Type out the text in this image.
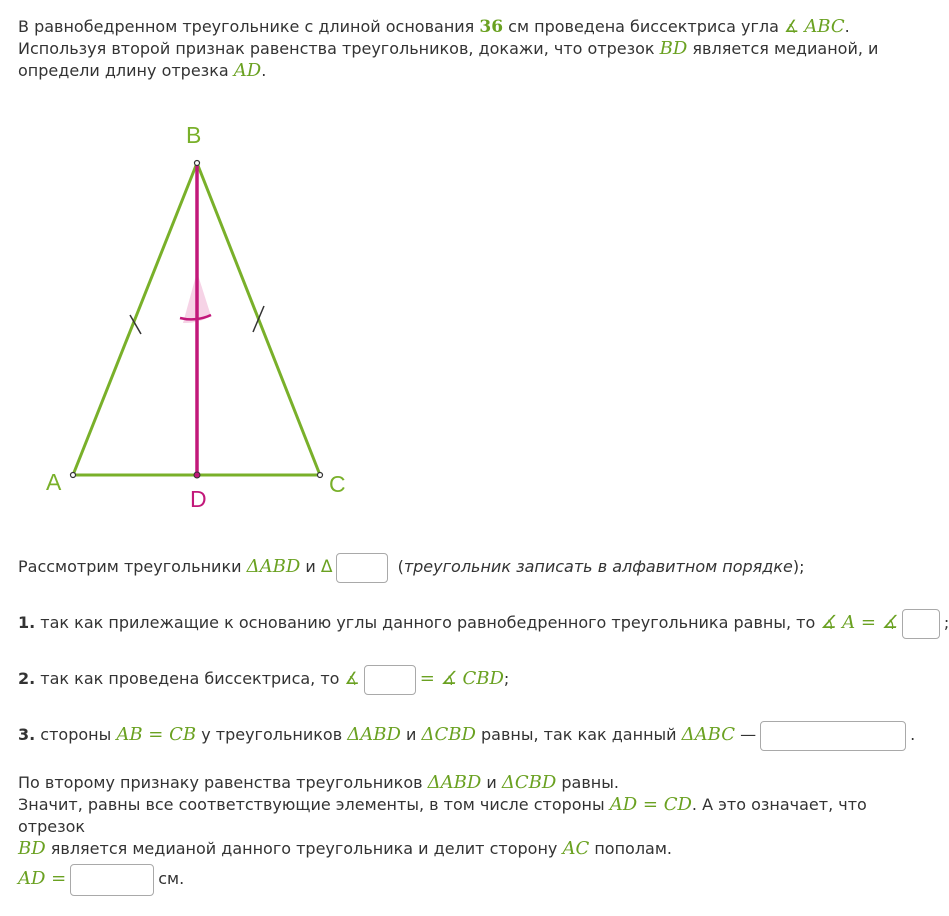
В равнобедренном треугольнике с длиной основания 36 см проведена биссектриса угла ∡ ABC. Используя второй признак равенства треугольников, докажи, что отрезок BD является медианой, и определи длину отрезка AD.
B
A	C
D
Рассмотрим треугольники ΔABD и Δ	(треугольник записать в алфавитном порядке);
1. так как прилежащие к основанию углы данного равнобедренного треугольника равны, то ∡ A = ∡	;
2. так как проведена биссектриса, то ∡	= ∡ CBD;
3. стороны AB = CB у треугольников ΔABD и ΔCBD равны, так как данный ΔABC —	.
По второму признаку равенства треугольников ΔABD и ΔCBD равны.
Значит, равны все соответствующие элементы, в том числе стороны AD = CD. А это означает, что отрезок
BD является медианой данного треугольника и делит сторону AC пополам.
AD =	см.
